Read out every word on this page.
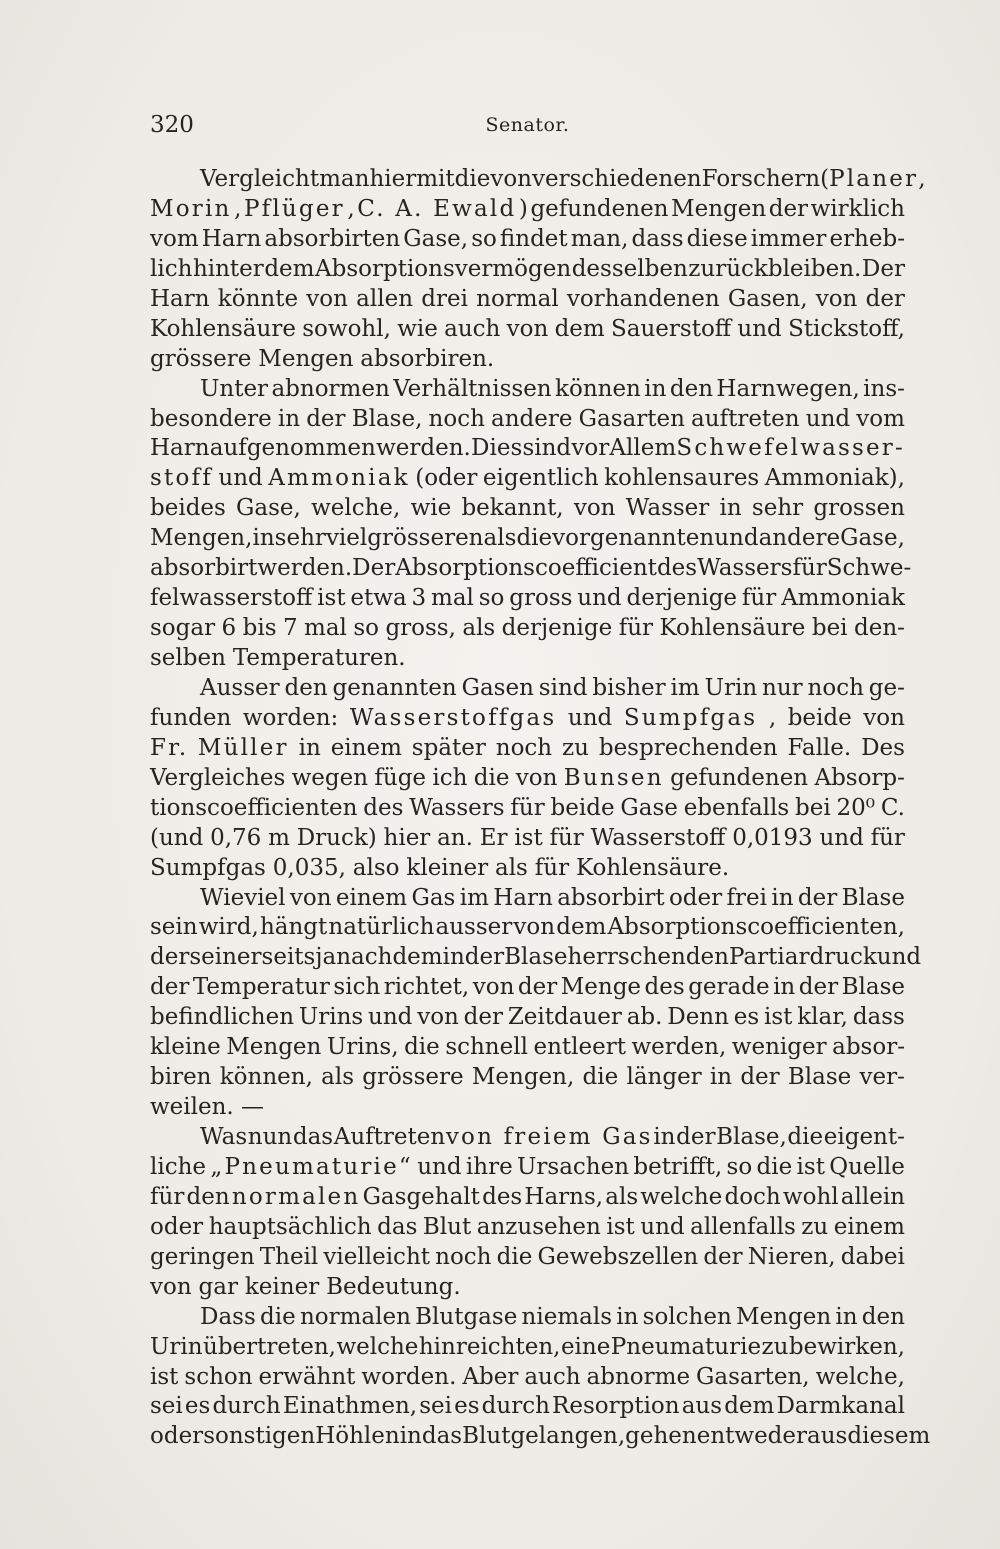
320	Senator.
Vergleicht man hiermit die von verschiedenen Forschern ( Planer ,
Morin , Pflüger , C. A. Ewald ) gefundenen Mengen der wirklich
vom Harn absorbirten Gase, so findet man, dass diese immer erheb-
lich hinter dem Absorptionsvermögen desselben zurückbleiben. Der
Harn könnte von allen drei normal vorhandenen Gasen, von der
Kohlensäure sowohl, wie auch von dem Sauerstoff und Stickstoff,
grössere Mengen absorbiren.
Unter abnormen Verhältnissen können in den Harnwegen, ins-
besondere in der Blase, noch andere Gasarten auftreten und vom
Harn aufgenommen werden. Dies sind vor Allem Schwefelwasser-
stoff und Ammoniak (oder eigentlich kohlensaures Ammoniak),
beides Gase, welche, wie bekannt, von Wasser in sehr grossen
Mengen, in sehr viel grösseren als die vorgenannten und andere Gase,
absorbirt werden. Der Absorptionscoefficient des Wassers für Schwe-
felwasserstoff ist etwa 3 mal so gross und derjenige für Ammoniak
sogar 6 bis 7 mal so gross, als derjenige für Kohlensäure bei den-
selben Temperaturen.
Ausser den genannten Gasen sind bisher im Urin nur noch ge-
funden worden: Wasserstoffgas und Sumpfgas , beide von
Fr. Müller in einem später noch zu besprechenden Falle. Des
Vergleiches wegen füge ich die von Bunsen gefundenen Absorp-
tionscoefficienten des Wassers für beide Gase ebenfalls bei 20⁰ C.
(und 0,76 m Druck) hier an. Er ist für Wasserstoff 0,0193 und für
Sumpfgas 0,035, also kleiner als für Kohlensäure.
Wieviel von einem Gas im Harn absorbirt oder frei in der Blase
sein wird, hängt natürlich ausser von dem Absorptionscoefficienten,
der seinerseits ja nach dem in der Blase herrschenden Partiardruck und
der Temperatur sich richtet, von der Menge des gerade in der Blase
befindlichen Urins und von der Zeitdauer ab. Denn es ist klar, dass
kleine Mengen Urins, die schnell entleert werden, weniger absor-
biren können, als grössere Mengen, die länger in der Blase ver-
weilen. —
Was nun das Auftreten von freiem Gas in der Blase, die eigent-
liche „Pneumaturie“ und ihre Ursachen betrifft, so die ist Quelle
für den normalen Gasgehalt des Harns, als welche doch wohl allein
oder hauptsächlich das Blut anzusehen ist und allenfalls zu einem
geringen Theil vielleicht noch die Gewebszellen der Nieren, dabei
von gar keiner Bedeutung.
Dass die normalen Blutgase niemals in solchen Mengen in den
Urin übertreten, welche hinreichten, eine Pneumaturie zu bewirken,
ist schon erwähnt worden. Aber auch abnorme Gasarten, welche,
sei es durch Einathmen, sei es durch Resorption aus dem Darmkanal
oder sonstigen Höhlen in das Blut gelangen, gehen entweder aus diesem
